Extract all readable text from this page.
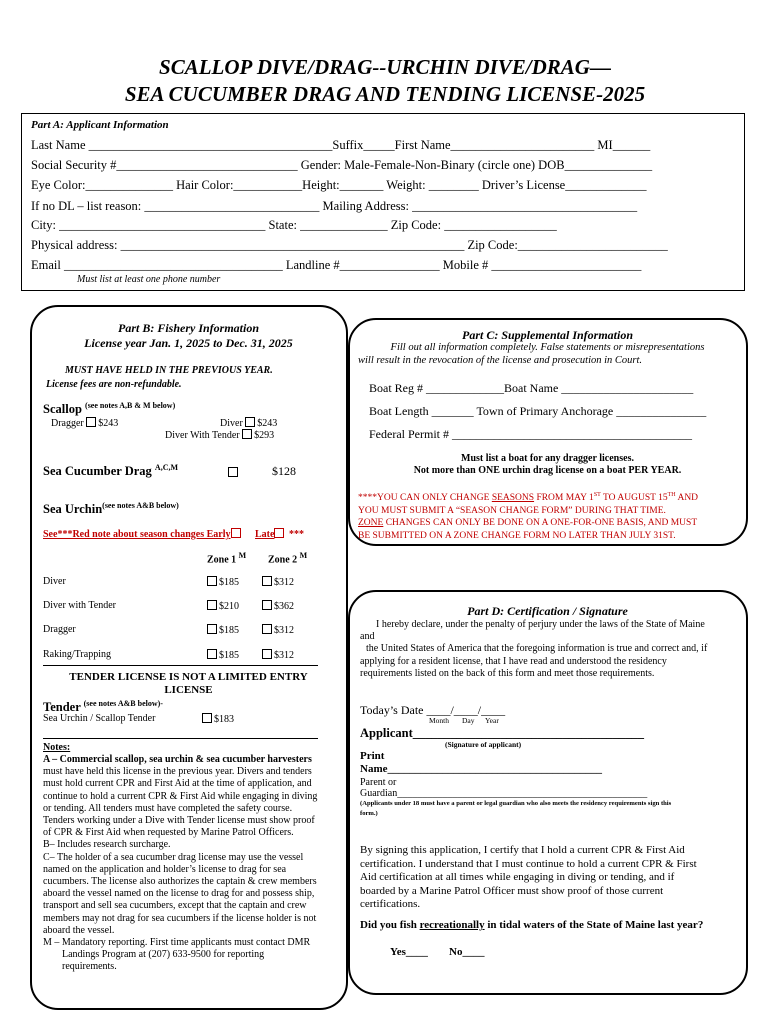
SCALLOP DIVE/DRAG--URCHIN DIVE/DRAG—
SEA CUCUMBER DRAG AND TENDING LICENSE-2025
Part A: Applicant Information
Last Name _______________________________________Suffix_____First Name_______________________ MI______
Social Security #_____________________________ Gender: Male-Female-Non-Binary (circle one) DOB______________
Eye Color:______________ Hair Color:___________Height:_______ Weight: ________ Driver’s License_____________
If no DL – list reason: ____________________________ Mailing Address: ____________________________________
City: _________________________________ State: ______________ Zip Code: __________________
Physical address: _______________________________________________________ Zip Code:________________________
Email ___________________________________ Landline #________________ Mobile # ________________________
Must list at least one phone number
Part B: Fishery Information
License year Jan. 1, 2025 to Dec. 31, 2025
MUST HAVE HELD IN THE PREVIOUS YEAR.
License fees are non-refundable.
Scallop $^{(see notes A,B \& M below)}$
Dragger $243	Diver $243
Diver With Tender $293
Sea Cucumber Drag $^{A,C,M}$	$128
Sea Urchin$^{(see notes A\&B below)}$
See***Red note about season changes Early Late ***
Zone 1 $^M$ Zone 2 $^M$
Diver	$185	$312
Diver with Tender	$210	$362
Dragger	$185	$312
Raking/Trapping	$185	$312
TENDER LICENSE IS NOT A LIMITED ENTRY
LICENSE
Tender $^{(see notes A\&B below)-}$
Sea Urchin / Scallop Tender	$183
Notes:
A – Commercial scallop, sea urchin & sea cucumber harvesters
must have held this license in the previous year. Divers and tenders
must hold current CPR and First Aid at the time of application, and
continue to hold a current CPR & First Aid while engaging in diving
or tending. All tenders must have completed the safety course.
Tenders working under a Dive with Tender license must show proof
of CPR & First Aid when requested by Marine Patrol Officers.
B– Includes research surcharge.
C– The holder of a sea cucumber drag license may use the vessel
named on the application and holder’s license to drag for sea
cucumbers. The license also authorizes the captain & crew members
aboard the vessel named on the license to drag for and possess ship,
transport and sell sea cucumbers, except that the captain and crew
members may not drag for sea cucumbers if the license holder is not
aboard the vessel.
M – Mandatory reporting. First time applicants must contact DMR
Landings Program at (207) 633-9500 for reporting
requirements.
Part C: Supplemental Information
Fill out all information completely. False statements or misrepresentations
will result in the revocation of the license and prosecution in Court.
Boat Reg # _____________Boat Name ______________________
Boat Length _______ Town of Primary Anchorage _______________
Federal Permit # ________________________________________
Must list a boat for any dragger licenses.
Not more than ONE urchin drag license on a boat PER YEAR.
****YOU CAN ONLY CHANGE SEASONS FROM MAY 1ST TO AUGUST 15TH AND
YOU MUST SUBMIT A “SEASON CHANGE FORM” DURING THAT TIME.
ZONE CHANGES CAN ONLY BE DONE ON A ONE-FOR-ONE BASIS, AND MUST
BE SUBMITTED ON A ZONE CHANGE FORM NO LATER THAN JULY 31ST.
Part D: Certification / Signature
I hereby declare, under the penalty of perjury under the laws of the State of Maine
and
the United States of America that the foregoing information is true and correct and, if
applying for a resident license, that I have read and understood the residency
requirements listed on the back of this form and meet those requirements.
Today’s Date ____/____/____
Month Day Year
Applicant_____________________________________
(Signature of applicant)
Print
Name_______________________________________
Parent or
Guardian__________________________________________________
(Applicants under 18 must have a parent or legal guardian who also meets the residency requirements sign this
form.)
By signing this application, I certify that I hold a current CPR & First Aid
certification. I understand that I must continue to hold a current CPR & First
Aid certification at all times while engaging in diving or tending, and if
boarded by a Marine Patrol Officer must show proof of those current
certifications.
Did you fish recreationally in tidal waters of the State of Maine last year?
Yes____ No____
